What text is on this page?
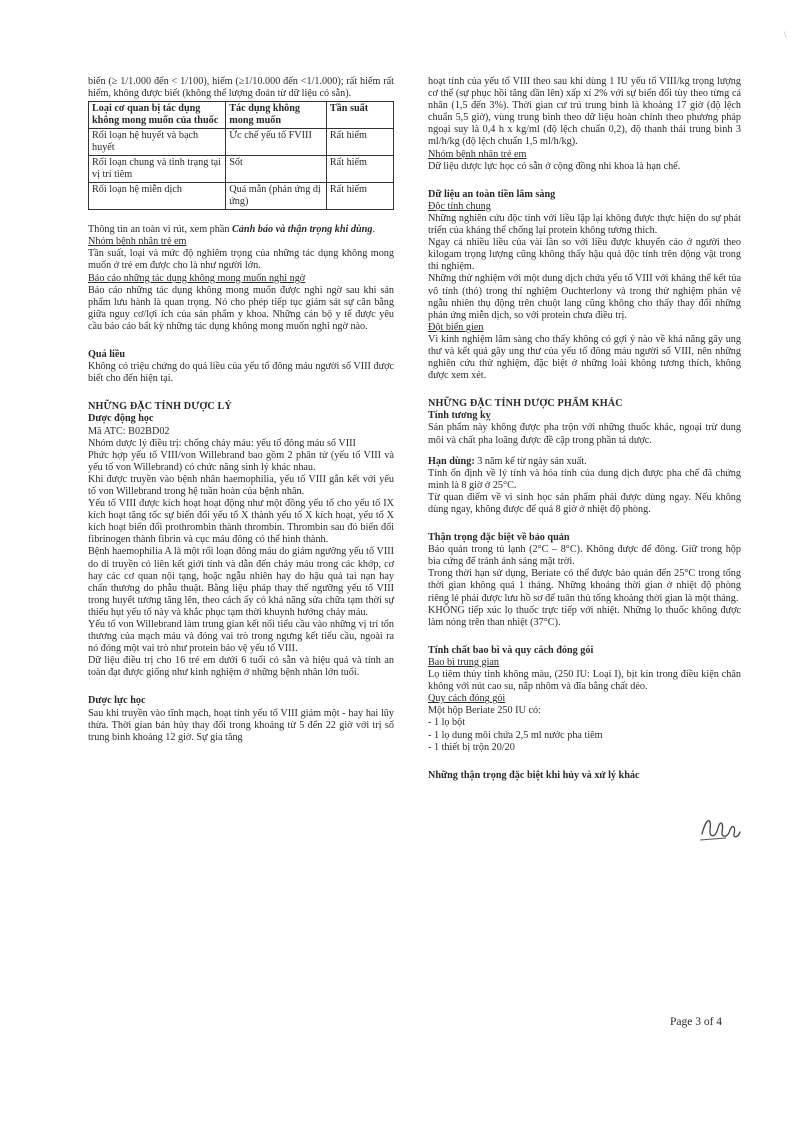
\

biến (≥ 1/1.000 đến < 1/100), hiếm (≥1/10.000 đến <1/1.000); rất hiếm rất hiếm, không được biết (không thể lượng đoán từ dữ liệu có sẵn).

Loại cơ quan bị tác dụng không mong muốn của thuốc	Tác dụng không mong muốn	Tần suất
Rối loạn hệ huyết và bạch huyết	Ức chế yếu tố FVIII	Rất hiếm
Rối loạn chung và tình trạng tại vị trí tiêm	Sốt	Rất hiếm
Rối loạn hệ miễn dịch	Quá mẫn (phản ứng dị ứng)	Rất hiếm

Thông tin an toàn vi rút, xem phần Cảnh báo và thận trọng khi dùng.

Nhóm bệnh nhân trẻ em

Tần suất, loại và mức độ nghiêm trọng của những tác dụng không mong muốn ở trẻ em được cho là như người lớn.

Báo cáo những tác dụng không mong muốn nghi ngờ

Báo cáo những tác dụng không mong muốn được nghi ngờ sau khi sản phẩm lưu hành là quan trọng. Nó cho phép tiếp tục giám sát sự cân bằng giữa nguy cơ/lợi ích của sản phẩm y khoa. Những cán bộ y tế được yêu cầu báo cáo bất kỳ những tác dụng không mong muốn nghi ngờ nào.

Quá liều

Không có triệu chứng do quá liều của yếu tố đông máu người số VIII được biết cho đến hiện tại.

NHỮNG ĐẶC TÍNH DƯỢC LÝ

Dược động học

Mã ATC: B02BD02

Nhóm dược lý điều trị: chống chảy máu: yếu tố đông máu số VIII

Phức hợp yếu tố VIII/von Willebrand bao gồm 2 phân tử (yếu tố VIII và yếu tố von Willebrand) có chức năng sinh lý khác nhau.

Khi được truyền vào bệnh nhân haemophilia, yếu tố VIII gắn kết với yếu tố von Willebrand trong hệ tuần hoàn của bệnh nhân.

Yếu tố VIII được kích hoạt hoạt động như một đồng yếu tố cho yếu tố IX kích hoạt tăng tốc sự biến đổi yếu tố X thành yếu tố X kích hoạt, yếu tố X kích hoạt biến đổi prothrombin thành thrombin. Thrombin sau đó biến đổi fibrinogen thành fibrin và cục máu đông có thể hình thành.

Bệnh haemophilia A là một rối loạn đông máu do giảm ngưỡng yếu tố VIII do di truyền có liên kết giới tính và dẫn đến chảy máu trong các khớp, cơ hay các cơ quan nội tạng, hoặc ngẫu nhiên hay do hậu quả tai nạn hay chấn thương do phẫu thuật. Bằng liệu pháp thay thế ngưỡng yếu tố VIII trong huyết tương tăng lên, theo cách ấy có khả năng sửa chữa tạm thời sự thiếu hụt yếu tố này và khắc phục tạm thời khuynh hướng chảy máu.

Yếu tố von Willebrand làm trung gian kết nối tiểu cầu vào những vị trí tổn thương của mạch máu và đóng vai trò trong ngưng kết tiểu cầu, ngoài ra nó đóng một vai trò như protein bảo vệ yếu tố VIII.

Dữ liệu điều trị cho 16 trẻ em dưới 6 tuổi có sẵn và hiệu quả và tính an toàn đạt được giống như kinh nghiệm ở những bệnh nhân lớn tuổi.

Dược lực học

Sau khi truyền vào tĩnh mạch, hoạt tính yếu tố VIII giảm một - hay hai lũy thừa. Thời gian bán hủy thay đổi trong khoảng từ 5 đến 22 giờ với trị số trung bình khoảng 12 giờ. Sự gia tăng

hoạt tính của yếu tố VIII theo sau khi dùng 1 IU yếu tố VIII/kg trọng lượng cơ thể (sự phục hồi tăng dần lên) xấp xỉ 2% với sự biến đổi tùy theo từng cá nhân (1,5 đến 3%). Thời gian cư trú trung bình là khoảng 17 giờ (độ lệch chuẩn 5,5 giờ), vùng trung bình theo dữ liệu hoàn chỉnh theo phương pháp ngoại suy là 0,4 h x kg/ml (độ lệch chuẩn 0,2), độ thanh thải trung bình 3 ml/h/kg (độ lệch chuẩn 1,5 ml/h/kg).

Nhóm bệnh nhân trẻ em

Dữ liệu dược lực học có sẵn ở cộng đồng nhi khoa là hạn chế.

Dữ liệu an toàn tiền lâm sàng

Độc tính chung

Những nghiên cứu độc tính với liều lặp lại không được thực hiện do sự phát triển của kháng thể chống lại protein không tương thích.

Ngay cả nhiều liều của vài lần so với liều được khuyến cáo ở người theo kilogam trọng lượng cũng không thấy hậu quả độc tính trên động vật trong thí nghiệm.

Những thử nghiệm với một dung dịch chứa yếu tố VIII với kháng thể kết tủa vô tính (thỏ) trong thí nghiệm Ouchterlony và trong thử nghiệm phản vệ ngẫu nhiên thụ động trên chuột lang cũng không cho thấy thay đổi những phản ứng miễn dịch, so với protein chưa điều trị.

Đột biến gien

Vì kinh nghiệm lâm sàng cho thấy không có gợi ý nào về khả năng gây ung thư và kết quả gây ung thư của yếu tố đông máu người số VIII, nên những nghiên cứu thử nghiệm, đặc biệt ở những loài không tương thích, không được xem xét.

NHỮNG ĐẶC TÍNH DƯỢC PHẨM KHÁC

Tính tương kỵ

Sản phẩm này không được pha trộn với những thuốc khác, ngoại trừ dung môi và chất pha loãng được đề cập trong phần tá dược.

Hạn dùng: 3 năm kể từ ngày sản xuất.

Tính ổn định về lý tính và hóa tính của dung dịch được pha chế đã chứng minh là 8 giờ ở 25°C.

Từ quan điểm về vi sinh học sản phẩm phải được dùng ngay. Nếu không dùng ngay, không được để quá 8 giờ ở nhiệt độ phòng.

Thận trọng đặc biệt về bảo quản

Bảo quản trong tủ lạnh (2°C – 8°C). Không được để đông. Giữ trong hộp bìa cứng để tránh ánh sáng mặt trời.

Trong thời hạn sử dụng, Beriate có thể được bảo quản đến 25°C trong tổng thời gian không quá 1 tháng. Những khoảng thời gian ở nhiệt độ phòng riêng lẻ phải được lưu hồ sơ để tuân thủ tổng khoảng thời gian là một tháng.

KHÔNG tiếp xúc lọ thuốc trực tiếp với nhiệt. Những lọ thuốc không được làm nóng trên than nhiệt (37°C).

Tính chất bao bì và quy cách đóng gói

Bao bì trung gian

Lọ tiêm thủy tinh không màu, (250 IU: Loại I), bịt kín trong điều kiện chân không với nút cao su, nắp nhôm và đĩa bằng chất dẻo.

Quy cách đóng gói

Một hộp Beriate 250 IU có:

- 1 lọ bột

- 1 lọ dung môi chứa 2,5 ml nước pha tiêm

- 1 thiết bị trộn 20/20

Những thận trọng đặc biệt khi hủy và xử lý khác

Page 3 of 4
